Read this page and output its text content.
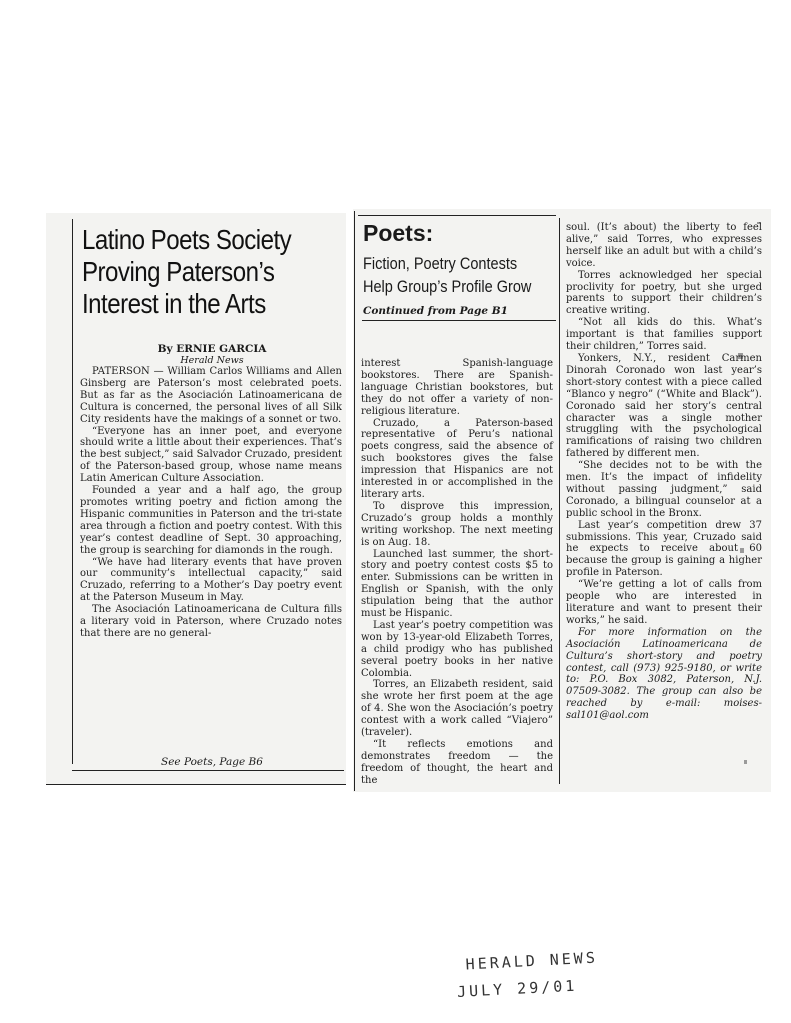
Latino Poets Society
Proving Paterson’s
Interest in the Arts
By ERNIE GARCIA
Herald News

PATERSON — William Carlos Williams and Allen Ginsberg are Paterson’s most celebrated poets. But as far as the Asociación Latinoamericana de Cultura is concerned, the personal lives of all Silk City residents have the makings of a sonnet or two.

“Everyone has an inner poet, and everyone should write a little about their experiences. That’s the best subject,” said Salvador Cruzado, president of the Paterson-based group, whose name means Latin American Culture Association.

Founded a year and a half ago, the group promotes writing poetry and fiction among the Hispanic communities in Paterson and the tri-state area through a fiction and poetry contest. With this year’s contest deadline of Sept. 30 approaching, the group is searching for diamonds in the rough.

“We have had literary events that have proven our community’s intellectual capacity,” said Cruzado, referring to a Mother’s Day poetry event at the Paterson Museum in May.

The Asociación Latinoamericana de Cultura fills a literary void in Paterson, where Cruzado notes that there are no general-

See Poets, Page B6
Poets:
Fiction, Poetry Contests
Help Group’s Profile Grow
Continued from Page B1

interest Spanish-language bookstores. There are Spanish-language Christian bookstores, but they do not offer a variety of non-religious literature.

Cruzado, a Paterson-based representative of Peru’s national poets congress, said the absence of such bookstores gives the false impression that Hispanics are not interested in or accomplished in the literary arts.

To disprove this impression, Cruzado’s group holds a monthly writing workshop. The next meeting is on Aug. 18.

Launched last summer, the short-story and poetry contest costs $5 to enter. Submissions can be written in English or Spanish, with the only stipulation being that the author must be Hispanic.

Last year’s poetry competition was won by 13-year-old Elizabeth Torres, a child prodigy who has published several poetry books in her native Colombia.

Torres, an Elizabeth resident, said she wrote her first poem at the age of 4. She won the Asociación’s poetry contest with a work called “Viajero” (traveler).

“It reflects emotions and demonstrates freedom — the freedom of thought, the heart and the

soul. (It’s about) the liberty to feel alive,” said Torres, who expresses herself like an adult but with a child’s voice.

Torres acknowledged her special proclivity for poetry, but she urged parents to support their children’s creative writing.

“Not all kids do this. What’s important is that families support their children,” Torres said.

Yonkers, N.Y., resident Carmen Dinorah Coronado won last year’s short-story contest with a piece called “Blanco y negro” (“White and Black”). Coronado said her story’s central character was a single mother struggling with the psychological ramifications of raising two children fathered by different men.

“She decides not to be with the men. It’s the impact of infidelity without passing judgment,” said Coronado, a bilingual counselor at a public school in the Bronx.

Last year’s competition drew 37 submissions. This year, Cruzado said he expects to receive about 60 because the group is gaining a higher profile in Paterson.

“We’re getting a lot of calls from people who are interested in literature and want to present their works,” he said.

For more information on the Asociación Latinoamericana de Cultura’s short-story and poetry contest, call (973) 925-9180, or write to: P.O. Box 3082, Paterson, N.J. 07509-3082. The group can also be reached by e-mail: moises-sal101@aol.com

HERALD NEWS
JULY 29/01
